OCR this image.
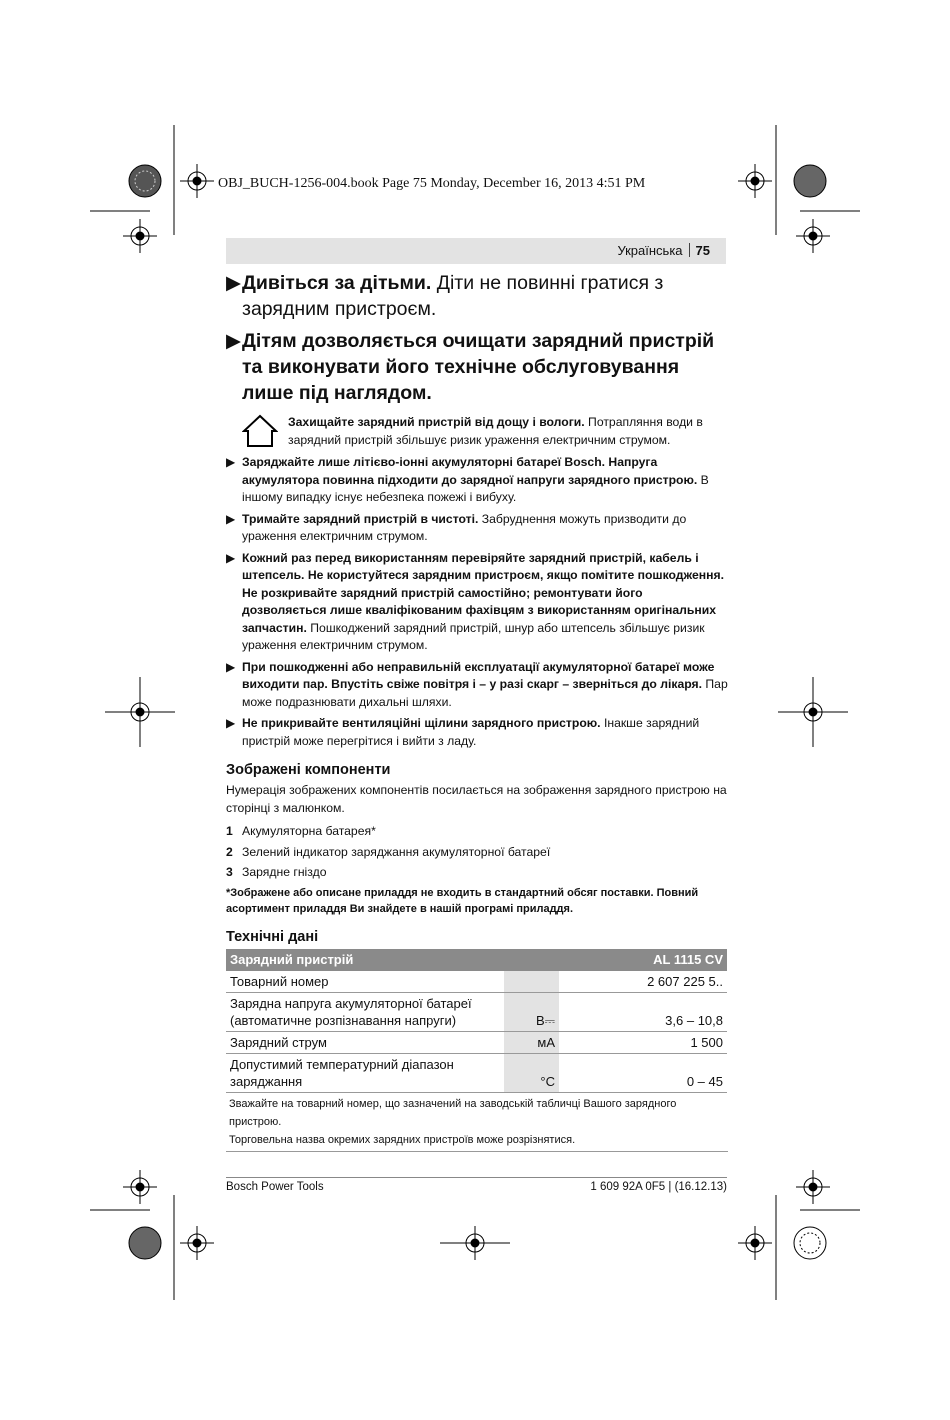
OBJ_BUCH-1256-004.book Page 75 Monday, December 16, 2013 4:51 PM
Українська 75

▶ Дивіться за дітьми. Діти не повинні гратися з зарядним пристроєм.

▶ Дітям дозволяється очищати зарядний пристрій та виконувати його технічне обслуговування лише під наглядом.

Захищайте зарядний пристрій від дощу і вологи. Потрапляння води в зарядний пристрій збільшує ризик ураження електричним струмом.

▶ Заряджайте лише літієво-іонні акумуляторні батареї Bosch. Напруга акумулятора повинна підходити до зарядної напруги зарядного пристрою. В іншому випадку існує небезпека пожежі і вибуху.

▶ Тримайте зарядний пристрій в чистоті. Забруднення можуть призводити до ураження електричним струмом.

▶ Кожний раз перед використанням перевіряйте зарядний пристрій, кабель і штепсель. Не користуйтеся зарядним пристроєм, якщо помітите пошкодження. Не розкривайте зарядний пристрій самостійно; ремонтувати його дозволяється лише кваліфікованим фахівцям з використанням оригінальних запчастин. Пошкоджений зарядний пристрій, шнур або штепсель збільшує ризик ураження електричним струмом.

▶ При пошкодженні або неправильній експлуатації акумуляторної батареї може виходити пар. Впустіть свіже повітря і – у разі скарг – зверніться до лікаря. Пар може подразнювати дихальні шляхи.

▶ Не прикривайте вентиляційні щілини зарядного пристрою. Інакше зарядний пристрій може перегрітися і вийти з ладу.

Зображені компоненти

Нумерація зображених компонентів посилається на зображення зарядного пристрою на сторінці з малюнком.

1 Акумуляторна батарея*

2 Зелений індикатор заряджання акумуляторної батареї

3 Зарядне гніздо

*Зображене або описане приладдя не входить в стандартний обсяг поставки. Повний асортимент приладдя Ви знайдете в нашій програмі приладдя.

Технічні дані
Зарядний пристрій		AL 1115 CV
Товарний номер		2 607 225 5..
Зарядна напруга акумуляторної батареї (автоматичне розпізнавання напруги)	В⎓	3,6 – 10,8
Зарядний струм	мА	1 500
Допустимий температурний діапазон заряджання	°C	0 – 45
Зважайте на товарний номер, що зазначений на заводській табличці Вашого зарядного пристрою.
Торговельна назва окремих зарядних пристроїв може розрізнятися.
Bosch Power Tools	1 609 92A 0F5 | (16.12.13)
